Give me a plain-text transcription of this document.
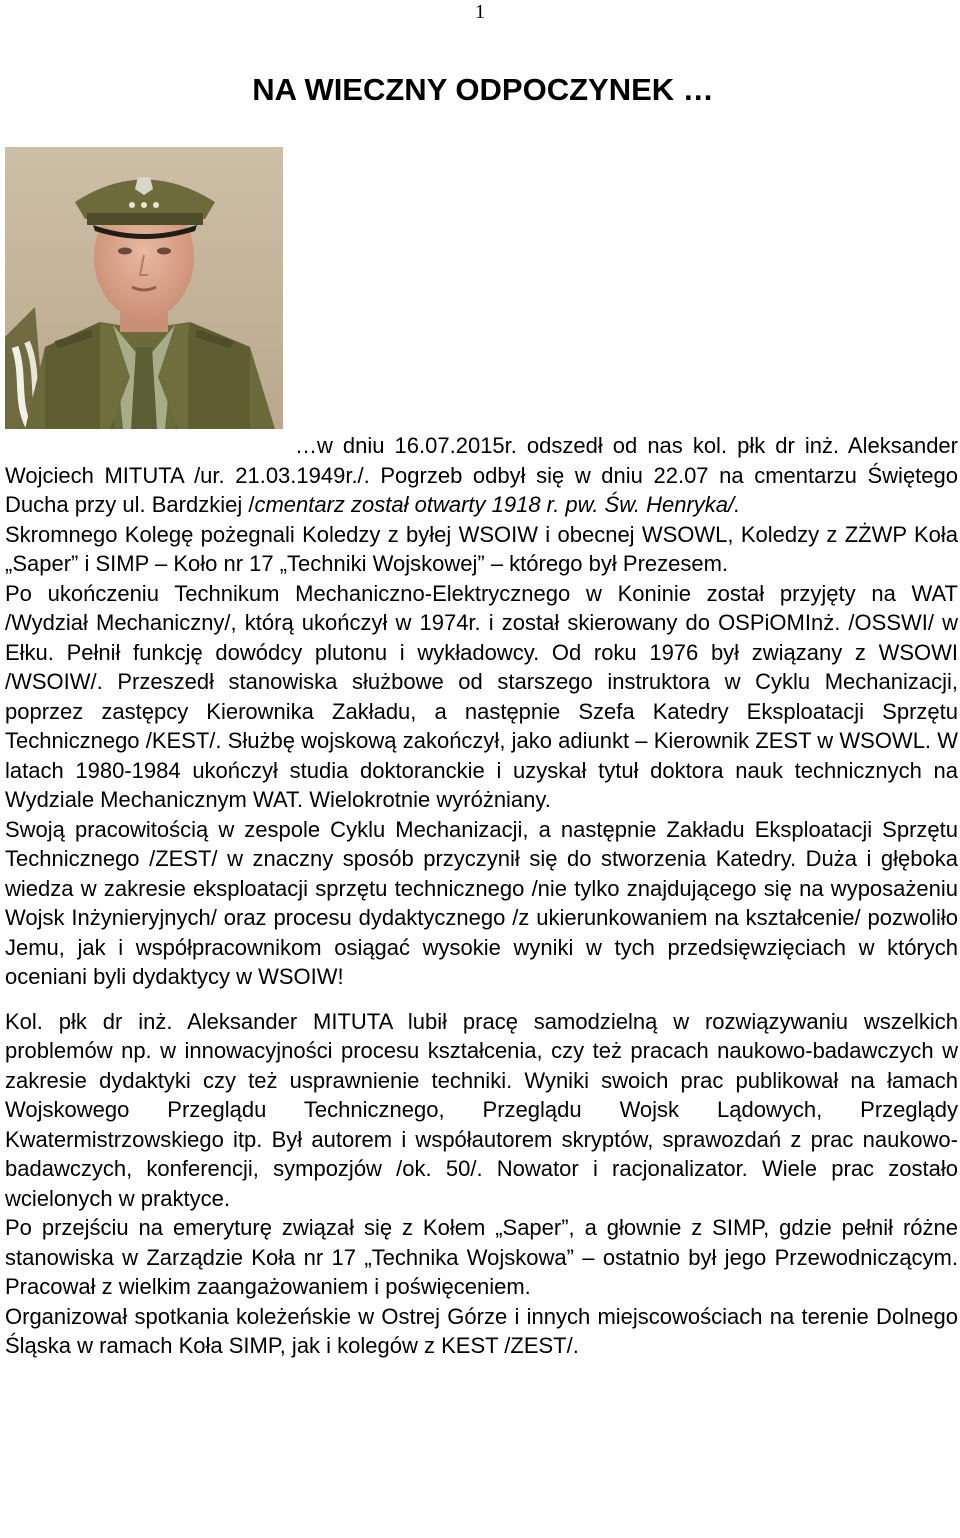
1
NA WIECZNY ODPOCZYNEK …

…w dniu 16.07.2015r. odszedł od nas kol. płk dr inż. Aleksander Wojciech MITUTA /ur. 21.03.1949r./. Pogrzeb odbył się w dniu 22.07 na cmentarzu Świętego Ducha przy ul. Bardzkiej /cmentarz został otwarty 1918 r. pw. Św. Henryka/.

Skromnego Kolegę pożegnali Koledzy z byłej WSOIW i obecnej WSOWL, Koledzy z ZŻWP Koła „Saper” i SIMP – Koło nr 17 „Techniki Wojskowej” – którego był Prezesem.

Po ukończeniu Technikum Mechaniczno-Elektrycznego w Koninie został przyjęty na WAT /Wydział Mechaniczny/, którą ukończył w 1974r. i został skierowany do OSPiOMInż. /OSSWI/ w Ełku. Pełnił funkcję dowódcy plutonu i wykładowcy. Od roku 1976 był związany z WSOWI /WSOIW/. Przeszedł stanowiska służbowe od starszego instruktora w Cyklu Mechanizacji, poprzez zastępcy Kierownika Zakładu, a następnie Szefa Katedry Eksploatacji Sprzętu Technicznego /KEST/. Służbę wojskową zakończył, jako adiunkt – Kierownik ZEST w WSOWL. W latach 1980-1984 ukończył studia doktoranckie i uzyskał tytuł doktora nauk technicznych na Wydziale Mechanicznym WAT. Wielokrotnie wyróżniany.

Swoją pracowitością w zespole Cyklu Mechanizacji, a następnie Zakładu Eksploatacji Sprzętu Technicznego /ZEST/ w znaczny sposób przyczynił się do stworzenia Katedry. Duża i głęboka wiedza w zakresie eksploatacji sprzętu technicznego /nie tylko znajdującego się na wyposażeniu Wojsk Inżynieryjnych/ oraz procesu dydaktycznego /z ukierunkowaniem na kształcenie/ pozwoliło Jemu, jak i współpracownikom osiągać wysokie wyniki w tych przedsięwzięciach w których oceniani byli dydaktycy w WSOIW!

Kol. płk dr inż. Aleksander MITUTA lubił pracę samodzielną w rozwiązywaniu wszelkich problemów np. w innowacyjności procesu kształcenia, czy też pracach naukowo-badawczych w zakresie dydaktyki czy też usprawnienie techniki. Wyniki swoich prac publikował na łamach Wojskowego Przeglądu Technicznego, Przeglądu Wojsk Lądowych, Przeglądy Kwatermistrzowskiego itp. Był autorem i współautorem skryptów, sprawozdań z prac naukowo-badawczych, konferencji, sympozjów /ok. 50/. Nowator i racjonalizator. Wiele prac zostało wcielonych w praktyce.

Po przejściu na emeryturę związał się z Kołem „Saper”, a głownie z SIMP, gdzie pełnił różne stanowiska w Zarządzie Koła nr 17 „Technika Wojskowa” – ostatnio był jego Przewodniczącym. Pracował z wielkim zaangażowaniem i poświęceniem.

Organizował spotkania koleżeńskie w Ostrej Górze i innych miejscowościach na terenie Dolnego Śląska w ramach Koła SIMP, jak i kolegów z KEST /ZEST/.
